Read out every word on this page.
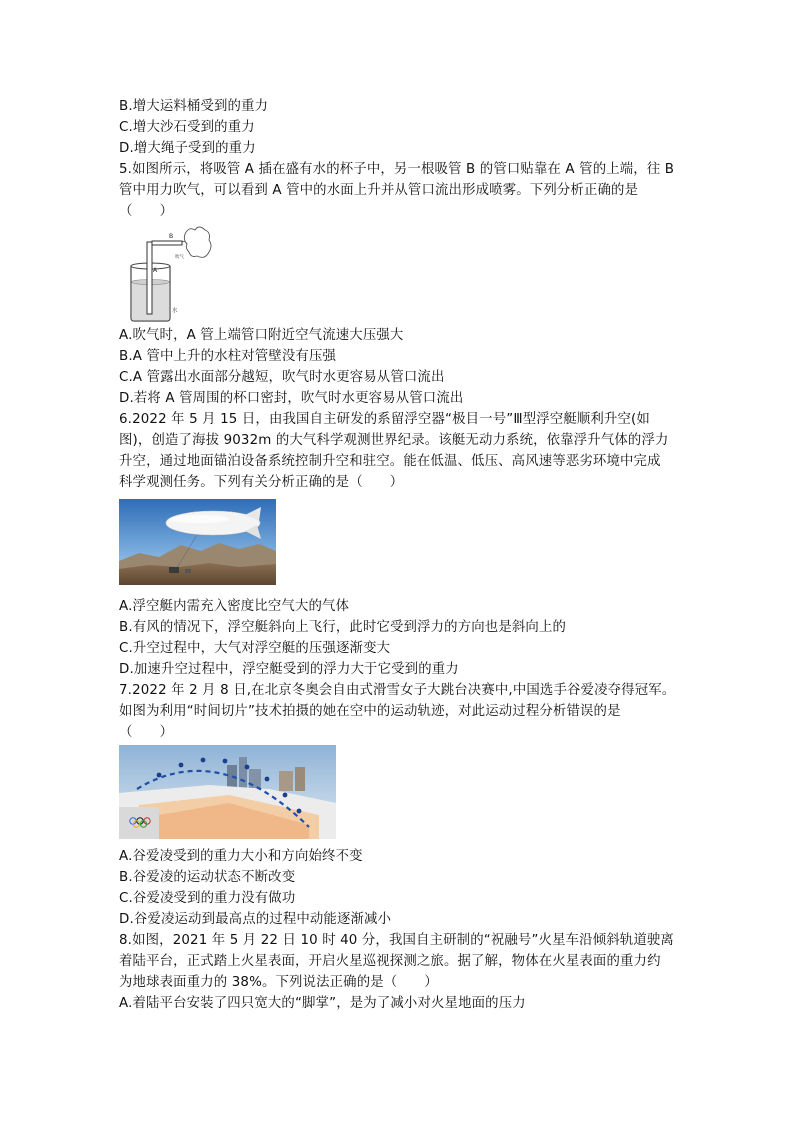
B.增大运料桶受到的重力
C.增大沙石受到的重力
D.增大绳子受到的重力
5.如图所示，将吸管 A 插在盛有水的杯子中，另一根吸管 B 的管口贴靠在 A 管的上端，往 B
管中用力吹气，可以看到 A 管中的水面上升并从管口流出形成喷雾。下列分析正确的是
（　　）
B
A
吹气
水
A.吹气时，A 管上端管口附近空气流速大压强大
B.A 管中上升的水柱对管壁没有压强
C.A 管露出水面部分越短，吹气时水更容易从管口流出
D.若将 A 管周围的杯口密封，吹气时水更容易从管口流出
6.2022 年 5 月 15 日，由我国自主研发的系留浮空器“极目一号”Ⅲ型浮空艇顺利升空(如
图)，创造了海拔 9032m 的大气科学观测世界纪录。该艇无动力系统，依靠浮升气体的浮力
升空，通过地面锚泊设备系统控制升空和驻空。能在低温、低压、高风速等恶劣环境中完成
科学观测任务。下列有关分析正确的是（　　）
A.浮空艇内需充入密度比空气大的气体
B.有风的情况下，浮空艇斜向上飞行，此时它受到浮力的方向也是斜向上的
C.升空过程中，大气对浮空艇的压强逐渐变大
D.加速升空过程中，浮空艇受到的浮力大于它受到的重力
7.2022 年 2 月 8 日,在北京冬奥会自由式滑雪女子大跳台决赛中,中国选手谷爱凌夺得冠军。
如图为利用“时间切片”技术拍摄的她在空中的运动轨迹，对此运动过程分析错误的是
（　　）
A.谷爱凌受到的重力大小和方向始终不变
B.谷爱凌的运动状态不断改变
C.谷爱凌受到的重力没有做功
D.谷爱凌运动到最高点的过程中动能逐渐减小
8.如图，2021 年 5 月 22 日 10 时 40 分，我国自主研制的“祝融号”火星车沿倾斜轨道驶离
着陆平台，正式踏上火星表面，开启火星巡视探测之旅。据了解，物体在火星表面的重力约
为地球表面重力的 38%。下列说法正确的是（　　）
A.着陆平台安装了四只宽大的“脚掌”，是为了减小对火星地面的压力
